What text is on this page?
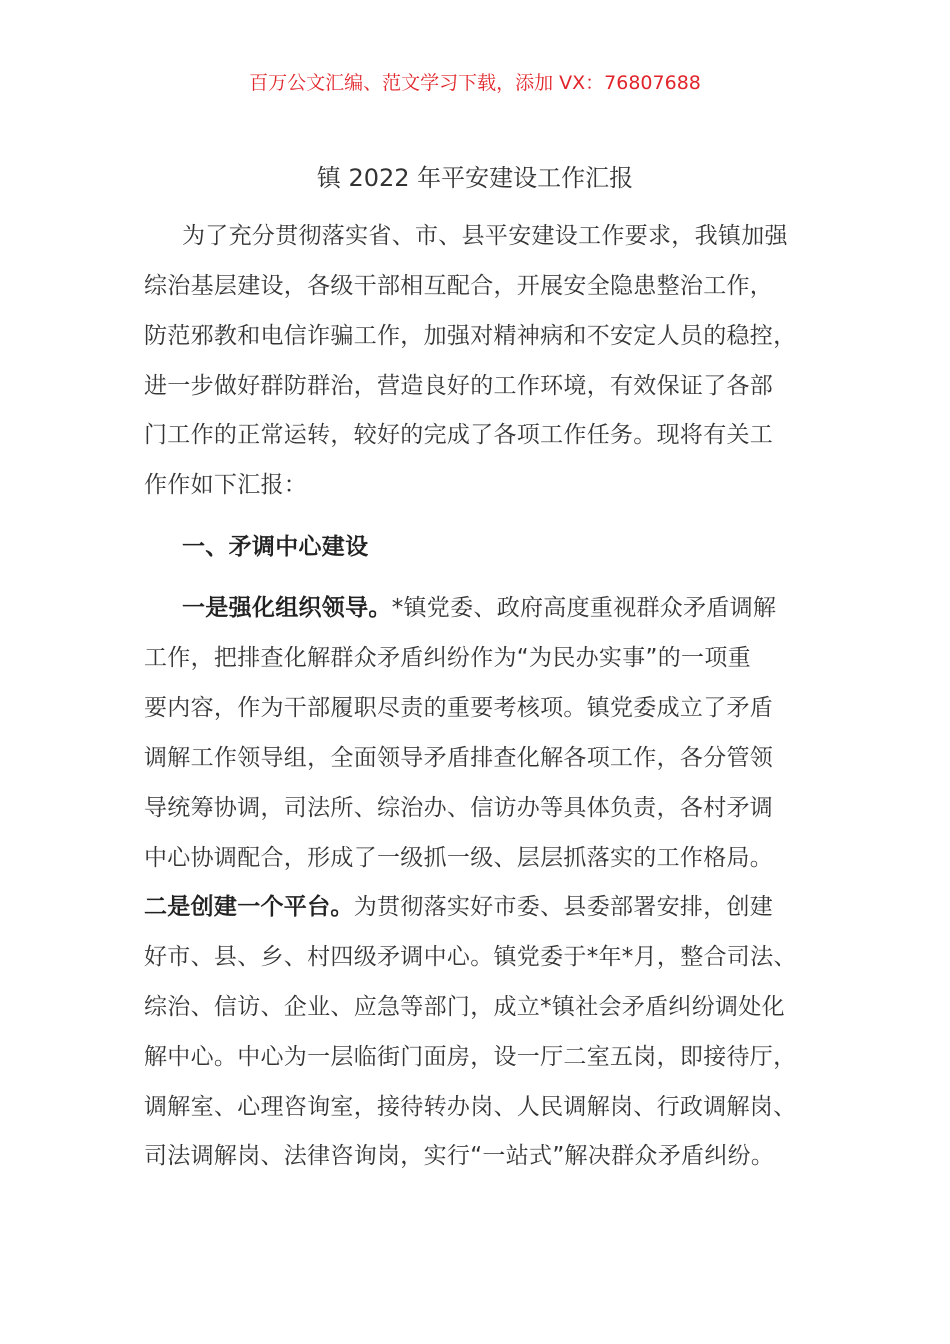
百万公文汇编、范文学习下载，添加 VX：76807688
镇 2022 年平安建设工作汇报
为了充分贯彻落实省、市、县平安建设工作要求，我镇加强
综治基层建设，各级干部相互配合，开展安全隐患整治工作，
防范邪教和电信诈骗工作，加强对精神病和不安定人员的稳控，
进一步做好群防群治，营造良好的工作环境，有效保证了各部
门工作的正常运转，较好的完成了各项工作任务。现将有关工
作作如下汇报：
一、矛调中心建设
一是强化组织领导。*镇党委、政府高度重视群众矛盾调解
工作，把排查化解群众矛盾纠纷作为“为民办实事”的一项重
要内容，作为干部履职尽责的重要考核项。镇党委成立了矛盾
调解工作领导组，全面领导矛盾排查化解各项工作，各分管领
导统筹协调，司法所、综治办、信访办等具体负责，各村矛调
中心协调配合，形成了一级抓一级、层层抓落实的工作格局。
二是创建一个平台。为贯彻落实好市委、县委部署安排，创建
好市、县、乡、村四级矛调中心。镇党委于*年*月，整合司法、
综治、信访、企业、应急等部门，成立*镇社会矛盾纠纷调处化
解中心。中心为一层临街门面房，设一厅二室五岗，即接待厅，
调解室、心理咨询室，接待转办岗、人民调解岗、行政调解岗、
司法调解岗、法律咨询岗，实行“一站式”解决群众矛盾纠纷。
